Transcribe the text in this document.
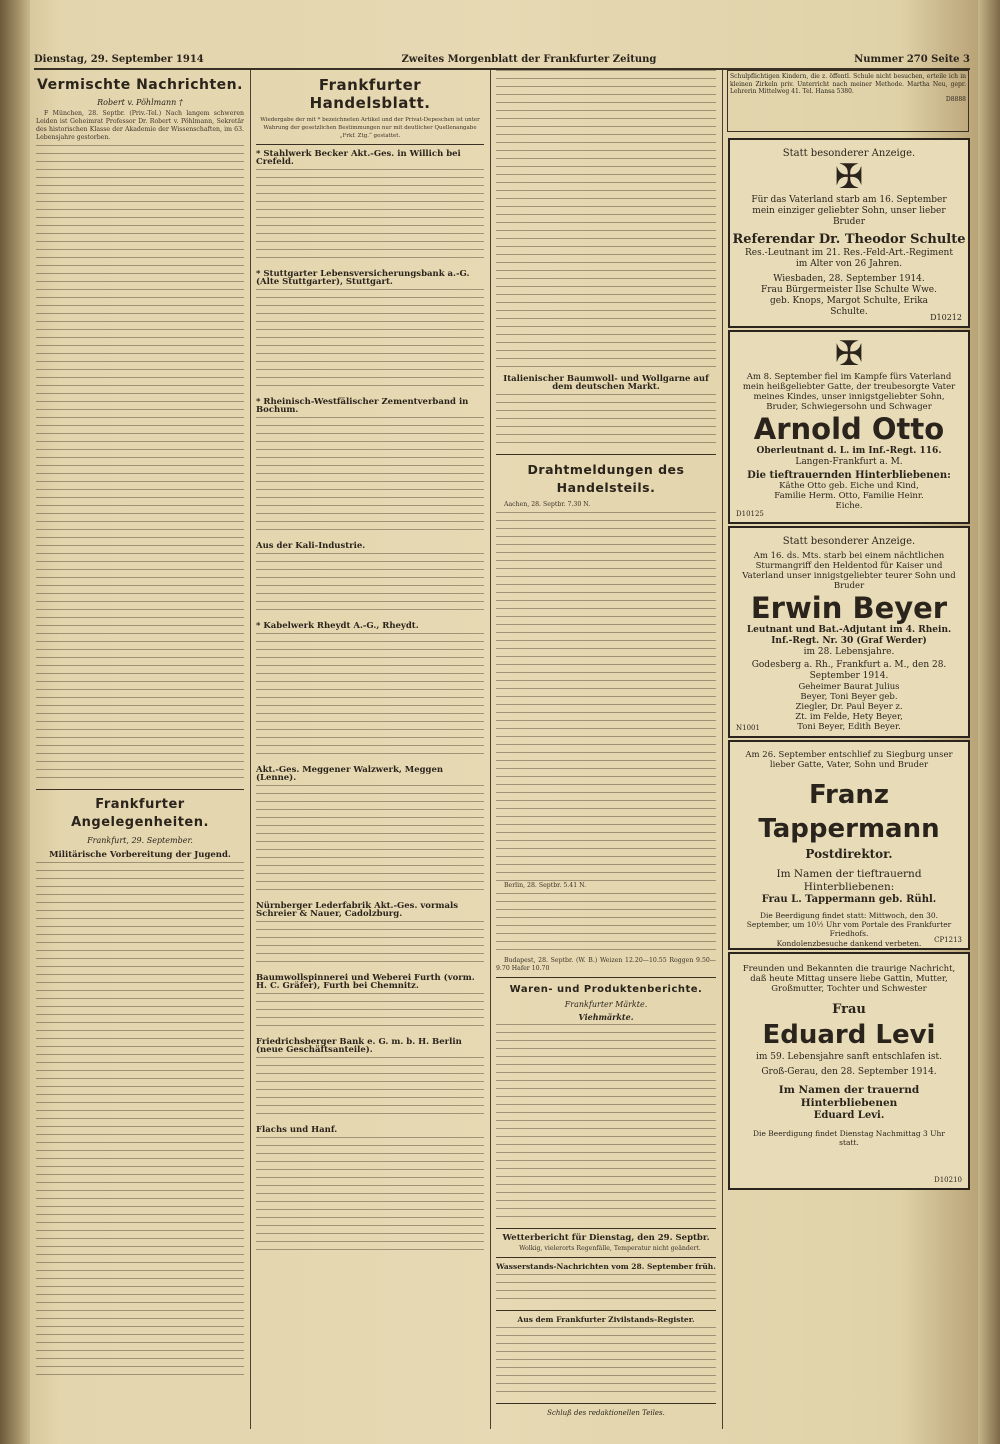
Dienstag, 29. September 1914	Zweites Morgenblatt der Frankfurter Zeitung	Nummer 270 Seite 3
Vermischte Nachrichten.
Robert v. Pöhlmann †

F München, 28. Septbr. (Priv.-Tel.) Nach langem schweren Leiden ist Geheimrat Professor Dr. Robert v. Pöhlmann, Sekretär des historischen Klasse der Akademie der Wissenschaften, im 63. Lebensjahre gestorben.

Frankfurter Angelegenheiten.
Frankfurt, 29. September.
Militärische Vorbereitung der Jugend.
Frankfurter Handelsblatt.

Wiedergabe der mit * bezeichneten Artikel und der Privat-Depeschen ist unter Wahrung der gesetzlichen Bestimmungen nur mit deutlicher Quellenangabe „Frkf. Ztg.“ gestattet.

* Stahlwerk Becker Akt.-Ges. in Willich bei Crefeld.
* Stuttgarter Lebensversicherungsbank a.-G. (Alte Stuttgarter), Stuttgart.
* Rheinisch-Westfälischer Zementverband in Bochum.
Aus der Kali-Industrie.
* Kabelwerk Rheydt A.-G., Rheydt.
Akt.-Ges. Meggener Walzwerk, Meggen (Lenne).
Nürnberger Lederfabrik Akt.-Ges. vormals Schreier & Nauer, Cadolzburg.
Baumwollspinnerei und Weberei Furth (vorm. H. C. Gräfer), Furth bei Chemnitz.
Friedrichsberger Bank e. G. m. b. H. Berlin (neue Geschäftsanteile).
Flachs und Hanf.
Italienischer Baumwoll- und Wollgarne auf dem deutschen Markt.
Drahtmeldungen des Handelsteils.

Aachen, 28. Septbr. 7.30 N.

Berlin, 28. Septbr. 5.41 N.

Budapest, 28. Septbr. (W. B.) Weizen 12.20—10.55 Roggen 9.50—9.70 Hafer 10.70

Waren- und Produktenberichte.
Frankfurter Märkte.
Viehmärkte.
Wetterbericht für Dienstag, den 29. Septbr.

Wolkig, vielerorts Regenfälle, Temperatur nicht geändert.

Wasserstands-Nachrichten vom 28. September früh.
Aus dem Frankfurter Zivilstands-Register.
Schluß des redaktionellen Teiles.
Schulpflichtigen Kindern, die z. öffentl. Schule nicht besuchen, erteile ich in kleinen Zirkeln priv. Unterricht nach meiner Methode. Martha Neu, gepr. Lehrerin Mittelweg 41. Tel. Hansa 5380.
D8888
Statt besonderer Anzeige.
✠
Für das Vaterland starb am 16. September mein einziger geliebter Sohn, unser lieber Bruder
Referendar Dr. Theodor Schulte
Res.-Leutnant im 21. Res.-Feld-Art.-Regiment
im Alter von 26 Jahren.
Wiesbaden, 28. September 1914.
Frau Bürgermeister Ilse Schulte Wwe. geb. Knops, Margot Schulte, Erika Schulte.
D10212
✠
Am 8. September fiel im Kampfe fürs Vaterland mein heißgeliebter Gatte, der treubesorgte Vater meines Kindes, unser innigstgeliebter Sohn, Bruder, Schwiegersohn und Schwager
Arnold Otto
Oberleutnant d. L. im Inf.-Regt. 116.
Langen-Frankfurt a. M.
Die tieftrauernden Hinterbliebenen:
Käthe Otto geb. Eiche und Kind, Familie Herm. Otto, Familie Heinr. Eiche.
D10125
Statt besonderer Anzeige.
Am 16. ds. Mts. starb bei einem nächtlichen Sturmangriff den Heldentod für Kaiser und Vaterland unser innigstgeliebter teurer Sohn und Bruder
Erwin Beyer
Leutnant und Bat.-Adjutant im 4. Rhein. Inf.-Regt. Nr. 30 (Graf Werder)
im 28. Lebensjahre.
Godesberg a. Rh., Frankfurt a. M., den 28. September 1914.
Geheimer Baurat Julius Beyer, Toni Beyer geb. Ziegler, Dr. Paul Beyer z. Zt. im Felde, Hety Beyer, Toni Beyer, Edith Beyer.
N1001
Am 26. September entschlief zu Siegburg unser lieber Gatte, Vater, Sohn und Bruder
Franz Tappermann
Postdirektor.
Im Namen der tieftrauernd Hinterbliebenen:
Frau L. Tappermann geb. Rühl.
Die Beerdigung findet statt: Mittwoch, den 30. September, um 10½ Uhr vom Portale des Frankfurter Friedhofs.
Kondolenzbesuche dankend verbeten.	CP1213
Freunden und Bekannten die traurige Nachricht, daß heute Mittag unsere liebe Gattin, Mutter, Großmutter, Tochter und Schwester
Frau
Eduard Levi
im 59. Lebensjahre sanft entschlafen ist.
Groß-Gerau, den 28. September 1914.
Im Namen der trauernd Hinterbliebenen
Eduard Levi.
Die Beerdigung findet Dienstag Nachmittag 3 Uhr statt.
D10210
